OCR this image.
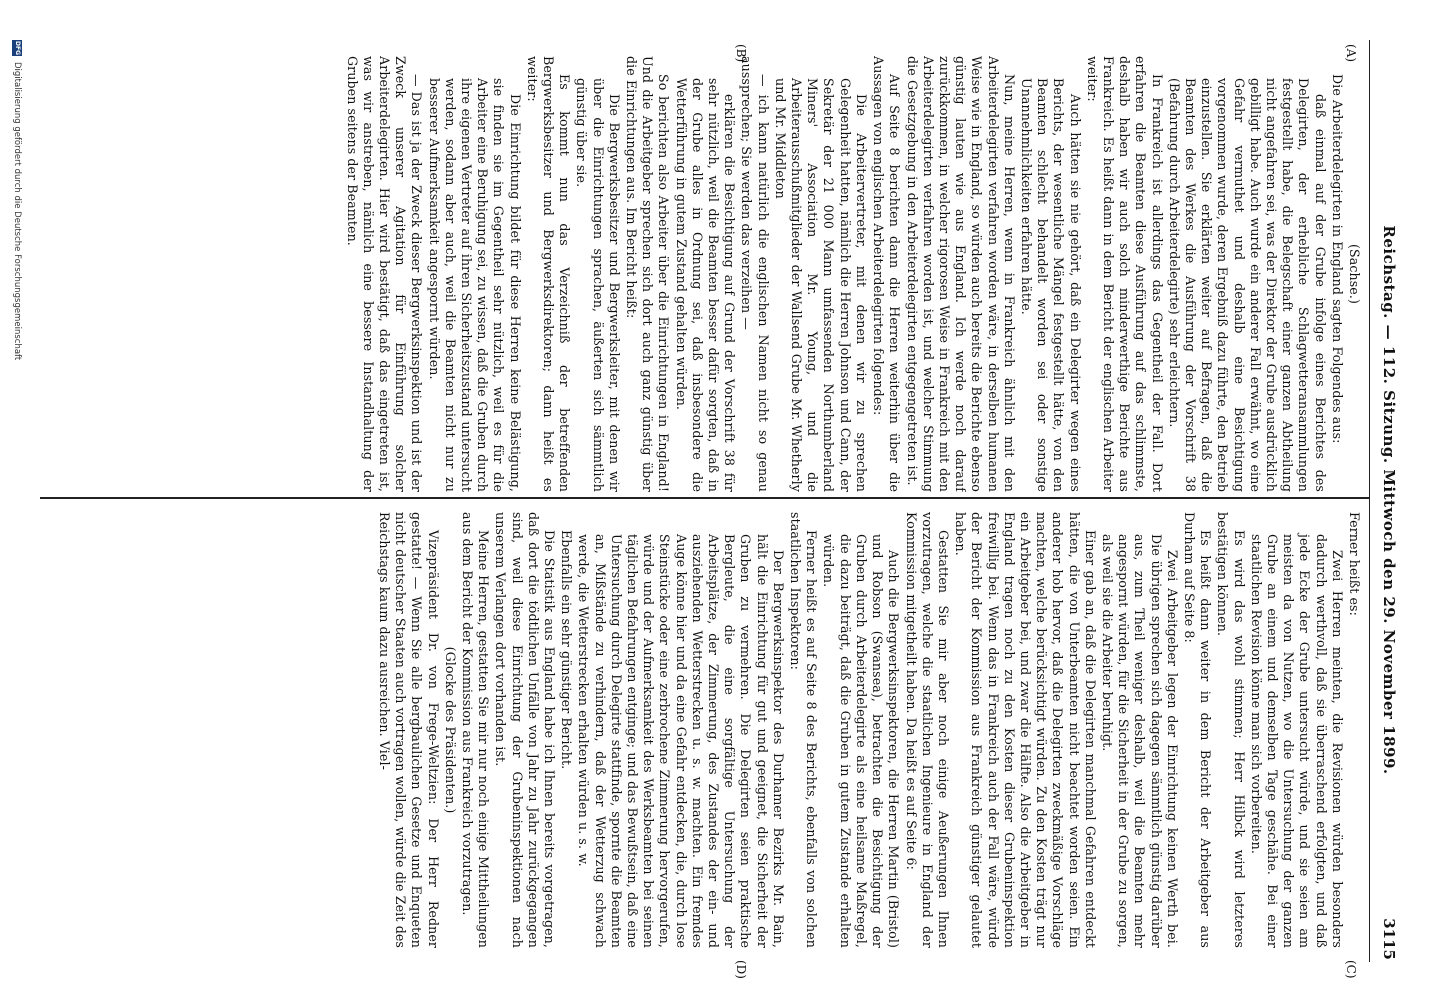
Reichstag. — 112. Sitzung. Mittwoch den 29. November 1899.
3115
(A)
(B)
(C)
(D)

(Sachse.)

Die Arbeiterdelegirten in England sagten Folgendes aus:

daß einmal auf der Grube infolge eines Berichtes des Delegirten, der erhebliche Schlagwetteransammlungen festgestellt habe, die Belegschaft einer ganzen Abtheilung nicht angefahren sei, was der Direktor der Grube ausdrücklich gebilligt habe. Auch wurde ein anderer Fall erwähnt, wo eine Gefahr vermuthet und deshalb eine Besichtigung vorgenommen wurde, deren Ergebniß dazu führte, den Betrieb einzustellen. Sie erklärten weiter auf Befragen, daß die Beamten des Werkes die Ausführung der Vorschrift 38 (Befahrung durch Arbeiterdelegirte) sehr erleichtern.

In Frankreich ist allerdings das Gegentheil der Fall. Dort erfahren die Beamten diese Ausführung auf das schlimmste, deshalb haben wir auch solch minderwerthige Berichte aus Frankreich. Es heißt dann in dem Bericht der englischen Arbeiter weiter:

Auch hätten sie nie gehört, daß ein Delegirter wegen eines Berichts, der wesentliche Mängel festgestellt hätte, von den Beamten schlecht behandelt worden sei oder sonstige Unannehmlichkeiten erfahren hätte.

Nun, meine Herren, wenn in Frankreich ähnlich mit den Arbeiterdelegirten verfahren worden wäre, in derselben humanen Weise wie in England, so würden auch bereits die Berichte ebenso günstig lauten wie aus England. Ich werde noch darauf zurückkommen, in welcher rigorosen Weise in Frankreich mit den Arbeiterdelegirten verfahren worden ist, und welcher Stimmung die Gesetzgebung in den Arbeiterdelegirten entgegengetreten ist.

Auf Seite 8 berichten dann die Herren weiterhin über die Aussagen von englischen Arbeiterdelegirten folgendes:

Die Arbeitervertreter, mit denen wir zu sprechen Gelegenheit hatten, nämlich die Herren Johnson und Cann, der Sekretär der 21 000 Mann umfassenden Northumberland Miners' Association Mr. Young, und die Arbeiterausschußmitglieder der Wallsend Grube Mr. Whetherly und Mr. Middleton

— ich kann natürlich die englischen Namen nicht so genau aussprechen; Sie werden das verzeihen —

erklären die Besichtigung auf Grund der Vorschrift 38 für sehr nützlich, weil die Beamten besser dafür sorgten, daß in der Grube alles in Ordnung sei, daß insbesondere die Wetterführung in gutem Zustand gehalten würden.

So berichten also Arbeiter über die Einrichtungen in England! Und die Arbeitgeber sprechen sich dort auch ganz günstig über die Einrichtungen aus. Im Bericht heißt:

Die Bergwerksbesitzer und Bergwerksleiter, mit denen wir über die Einrichtungen sprachen, äußerten sich sämmtlich günstig über sie.

Es kommt nun das Verzeichniß der betreffenden Bergwerksbesitzer und Bergwerksdirektoren; dann heißt es weiter:

Die Einrichtung bildet für diese Herren keine Belästigung, sie finden sie im Gegentheil sehr nützlich, weil es für die Arbeiter eine Beruhigung sei, zu wissen, daß die Gruben durch ihre eigenen Vertreter auf ihren Sicherheitszustand untersucht werden, sodann aber auch, weil die Beamten nicht nur zu besserer Aufmerksamkeit angespornt würden.

— Das ist ja der Zweck dieser Bergwerksinspektion und ist der Zweck unserer Agitation für Einführung solcher Arbeiterdelegirten. Hier wird bestätigt, daß das eingetreten ist, was wir anstreben, nämlich eine bessere Instandhaltung der Gruben seitens der Beamten.

Ferner heißt es:

Zwei Herren meinten, die Revisionen würden besonders dadurch werthvoll, daß sie überraschend erfolgten, und daß jede Ecke der Grube untersucht würde, und sie seien am meisten da von Nutzen, wo die Untersuchung der ganzen Grube an einem und demselben Tage geschähe. Bei einer staatlichen Revision könne man sich vorbereiten.

Es wird das wohl stimmen; Herr Hilbck wird letzteres bestätigen können.

Es heißt dann weiter in dem Bericht der Arbeitgeber aus Durham auf Seite 8:

Zwei Arbeitgeber legen der Einrichtung keinen Werth bei. Die übrigen sprechen sich dagegen sämmtlich günstig darüber aus, zum Theil weniger deshalb, weil die Beamten mehr angespornt würden, für die Sicherheit in der Grube zu sorgen, als weil sie die Arbeiter beruhigt.

Einer gab an, daß die Delegirten manchmal Gefahren entdeckt hätten, die von Unterbeamten nicht beachtet worden seien. Ein anderer hob hervor, daß die Delegirten zweckmäßige Vorschläge machten, welche berücksichtigt würden. Zu den Kosten trägt nur ein Arbeitgeber bei, und zwar die Hälfte. Also die Arbeitgeber in England tragen noch zu den Kosten dieser Grubeninspektion freiwillig bei. Wenn das in Frankreich auch der Fall wäre, würde der Bericht der Kommission aus Frankreich günstiger gelautet haben.

Gestatten Sie mir aber noch einige Aeußerungen Ihnen vorzutragen, welche die staatlichen Ingenieure in England der Kommission mitgetheilt haben. Da heißt es auf Seite 6:

Auch die Bergwerksinspektoren, die Herren Martin (Bristol) und Robson (Swansea), betrachten die Besichtigung der Gruben durch Arbeiterdelegirte als eine heilsame Maßregel, die dazu beiträgt, daß die Gruben in gutem Zustande erhalten würden.

Ferner heißt es auf Seite 8 des Berichts, ebenfalls von solchen staatlichen Inspektoren:

Der Bergwerksinspektor des Durhamer Bezirks Mr. Bain, hält die Einrichtung für gut und geeignet, die Sicherheit der Gruben zu vermehren. Die Delegirten seien praktische Bergleute, die eine sorgfältige Untersuchung der Arbeitsplätze, der Zimmerung, des Zustandes der ein- und ausziehenden Wetterstrecken u. s. w. machten. Ein fremdes Auge könne hier und da eine Gefahr entdecken, die, durch lose Steinstücke oder eine zerbrochene Zimmerung hervorgerufen, würde und der Aufmerksamkeit des Werksbeamten bei seinen täglichen Befahrungen entginge; und das Bewußtsein, daß eine Untersuchung durch Delegirte stattfinde, spornte die Beamten an, Mißstände zu verhindern, daß der Wetterzug schwach werde, die Wetterstrecken erhalten würden u. s. w.

Ebenfalls ein sehr günstiger Bericht.

Die Statistik aus England habe ich Ihnen bereits vorgetragen, daß dort die tödtlichen Unfälle von Jahr zu Jahr zurückgegangen sind, weil diese Einrichtung der Grubeninspektionen nach unserem Verlangen dort vorhanden ist.

Meine Herren, gestatten Sie mir nur noch einige Mittheilungen aus dem Bericht der Kommission aus Frankreich vorzutragen.

(Glocke des Präsidenten.)

Vizepräsident Dr. von Frege-Weltzien: Der Herr Redner gestatte! — Wenn Sie alle bergbaulichen Gesetze und Enqueten nicht deutscher Staaten auch vortragen wollen, würde die Zeit des Reichstags kaum dazu ausreichen. Viel-

DFG
Digitalisierung gefördert durch die Deutsche Forschungsgemeinschaft
